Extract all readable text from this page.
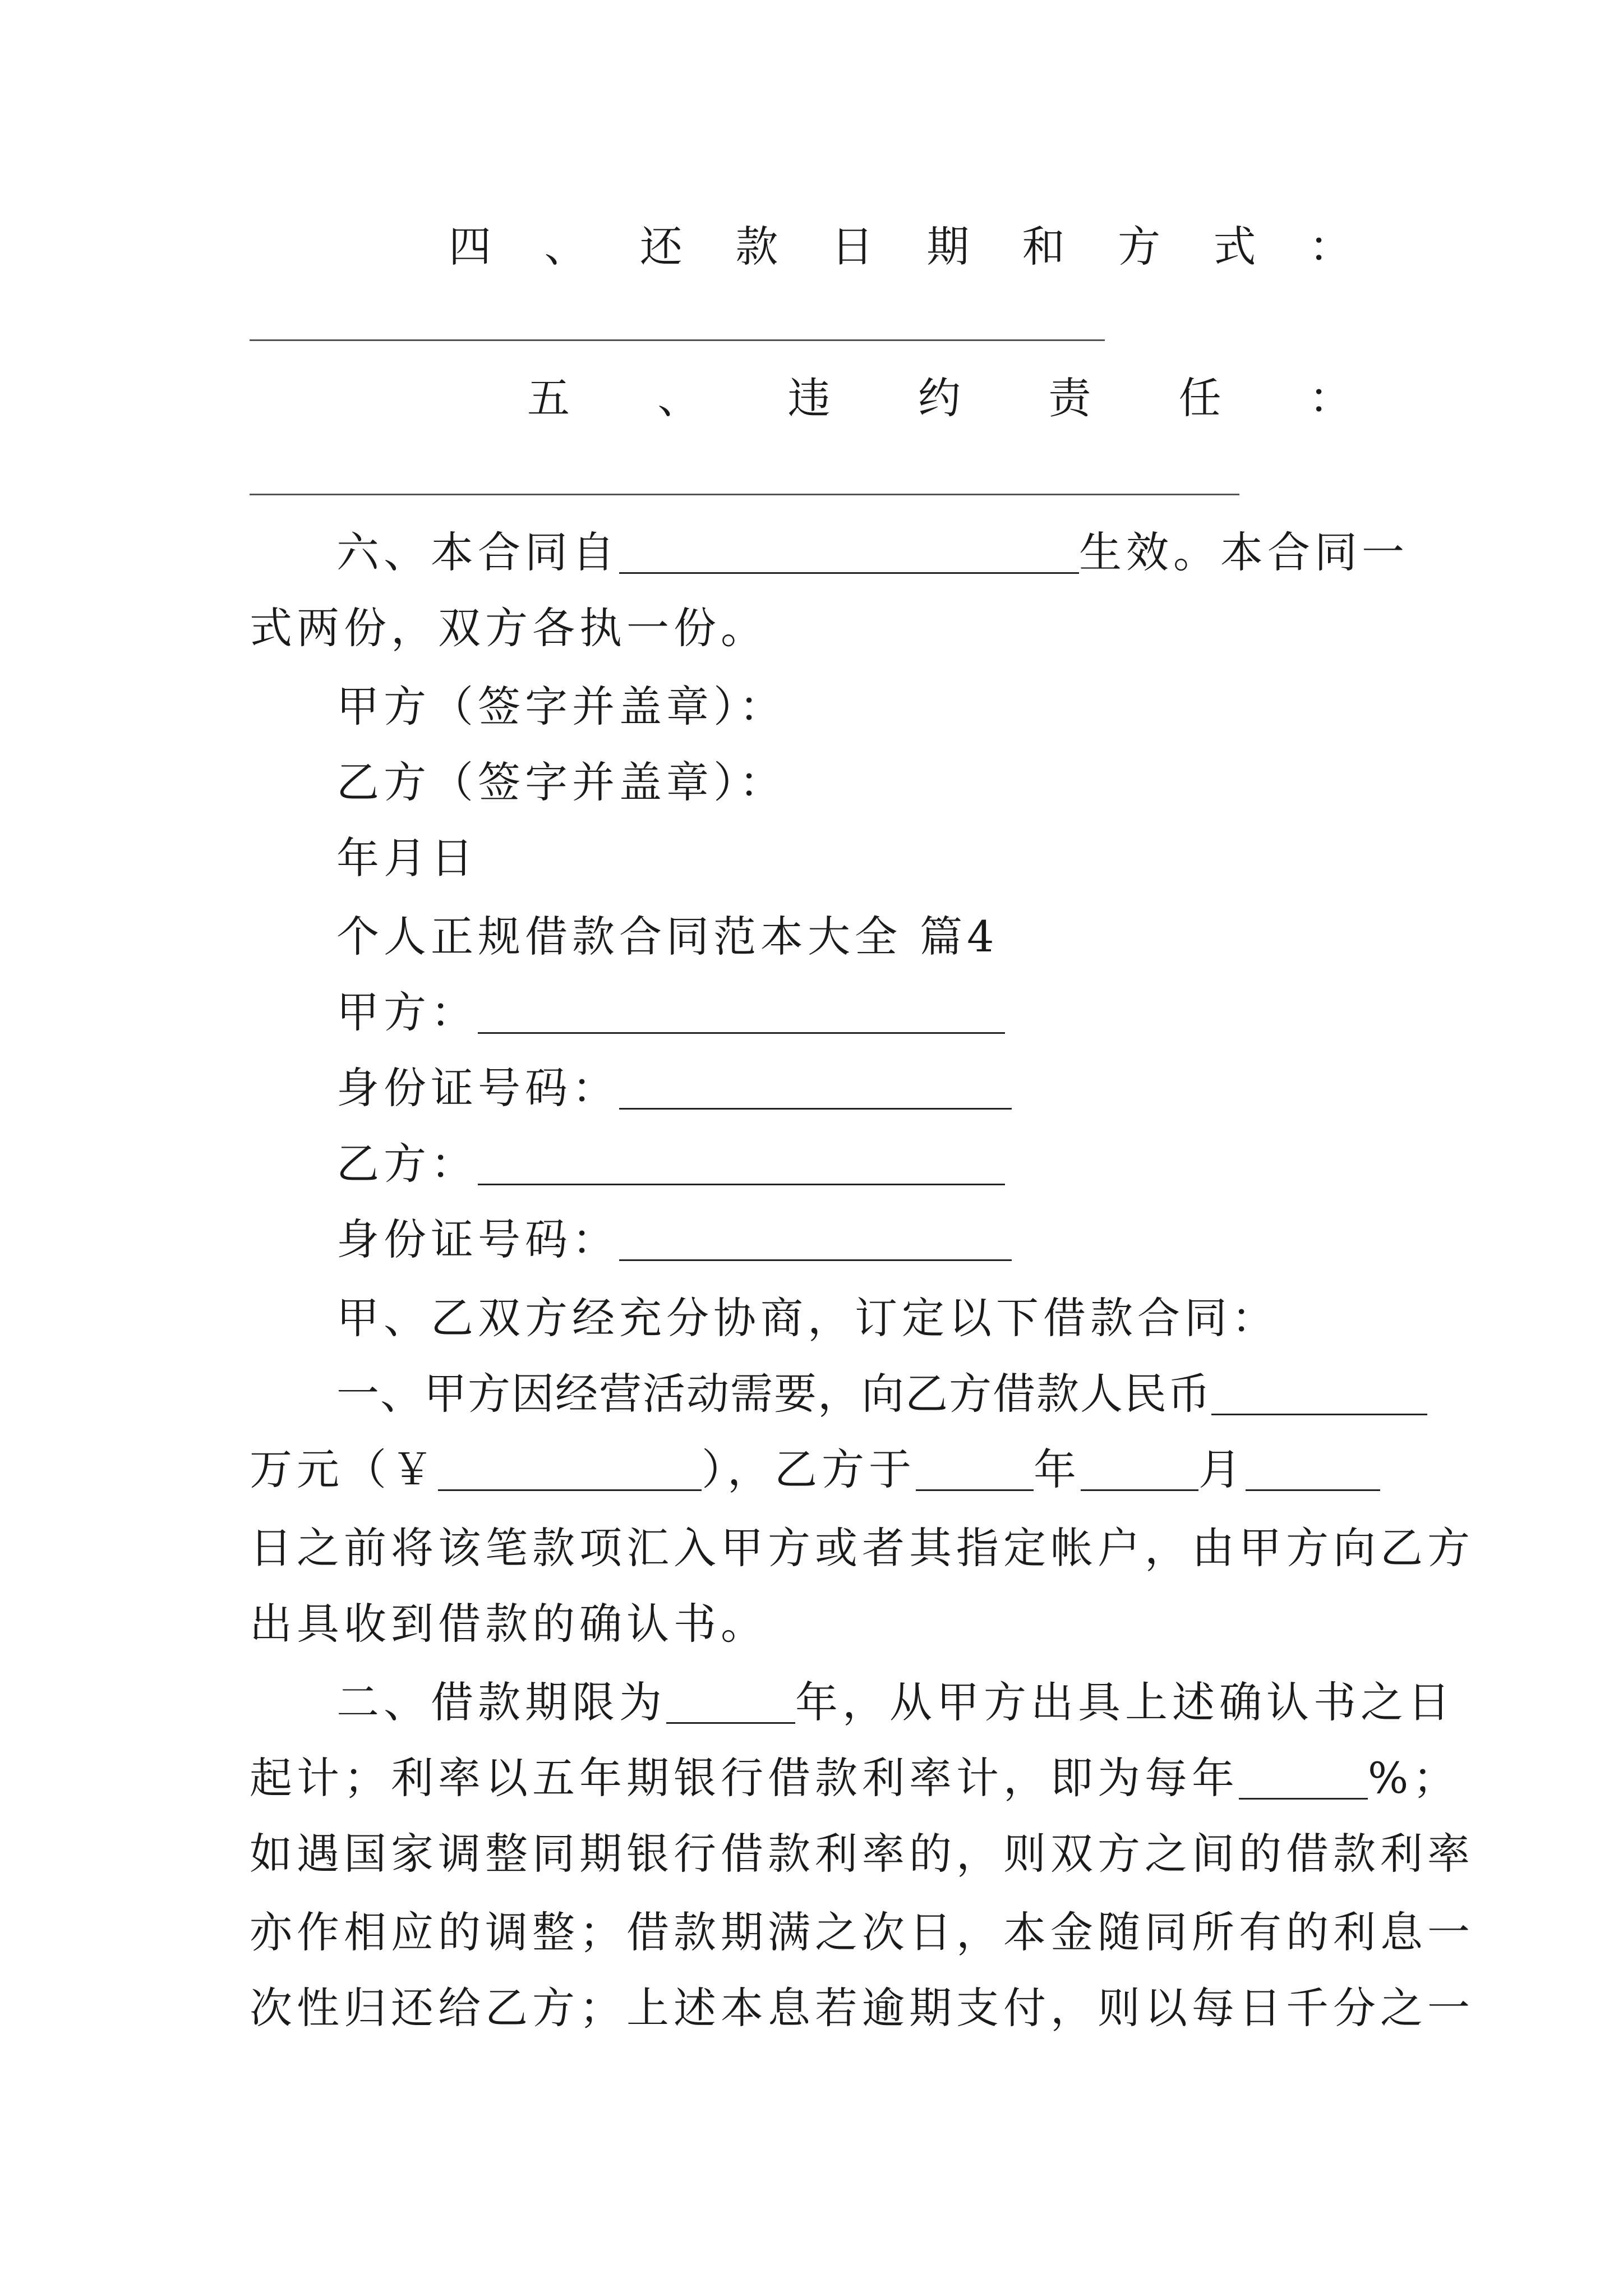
四 、 还 款 日 期 和 方 式 ：
五 、 违 约 责 任 ：
六、本合同自	生效。本合同一
式两份，双方各执一份。
甲方（签字并盖章）：
乙方（签字并盖章）：
年月日
个人正规借款合同范本大全 篇4
甲方：
身份证号码：
乙方：
身份证号码：
甲、乙双方经充分协商，订定以下借款合同：
一、甲方因经营活动需要，向乙方借款人民币
万元（￥	），乙方于	年	月
日之前将该笔款项汇入甲方或者其指定帐户，由甲方向乙方
出具收到借款的确认书。
二、借款期限为	年，从甲方出具上述确认书之日
起计；利率以五年期银行借款利率计，即为每年	%；
如遇国家调整同期银行借款利率的，则双方之间的借款利率
亦作相应的调整；借款期满之次日，本金随同所有的利息一
次性归还给乙方；上述本息若逾期支付，则以每日千分之一
